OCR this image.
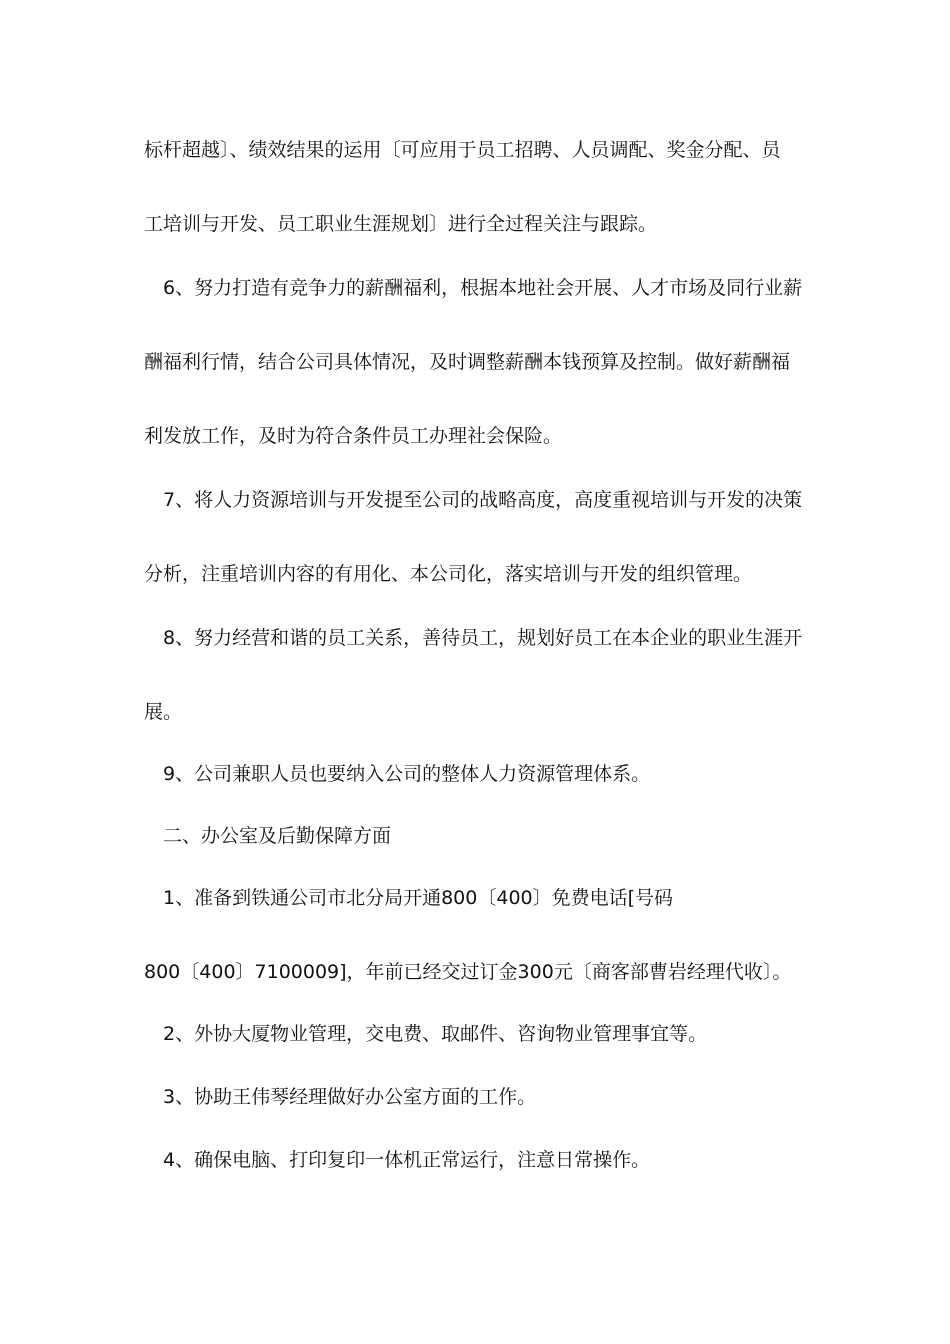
标杆超越〕、绩效结果的运用〔可应用于员工招聘、人员调配、奖金分配、员
工培训与开发、员工职业生涯规划〕进行全过程关注与跟踪。
6、努力打造有竞争力的薪酬福利，根据本地社会开展、人才市场及同行业薪
酬福利行情，结合公司具体情况，及时调整薪酬本钱预算及控制。做好薪酬福
利发放工作，及时为符合条件员工办理社会保险。
7、将人力资源培训与开发提至公司的战略高度，高度重视培训与开发的决策
分析，注重培训内容的有用化、本公司化，落实培训与开发的组织管理。
8、努力经营和谐的员工关系，善待员工，规划好员工在本企业的职业生涯开
展。
9、公司兼职人员也要纳入公司的整体人力资源管理体系。
二、办公室及后勤保障方面
1、准备到铁通公司市北分局开通800〔400〕免费电话[号码
800〔400〕7100009]，年前已经交过订金300元〔商客部曹岩经理代收〕。
2、外协大厦物业管理，交电费、取邮件、咨询物业管理事宜等。
3、协助王伟琴经理做好办公室方面的工作。
4、确保电脑、打印复印一体机正常运行，注意日常操作。
